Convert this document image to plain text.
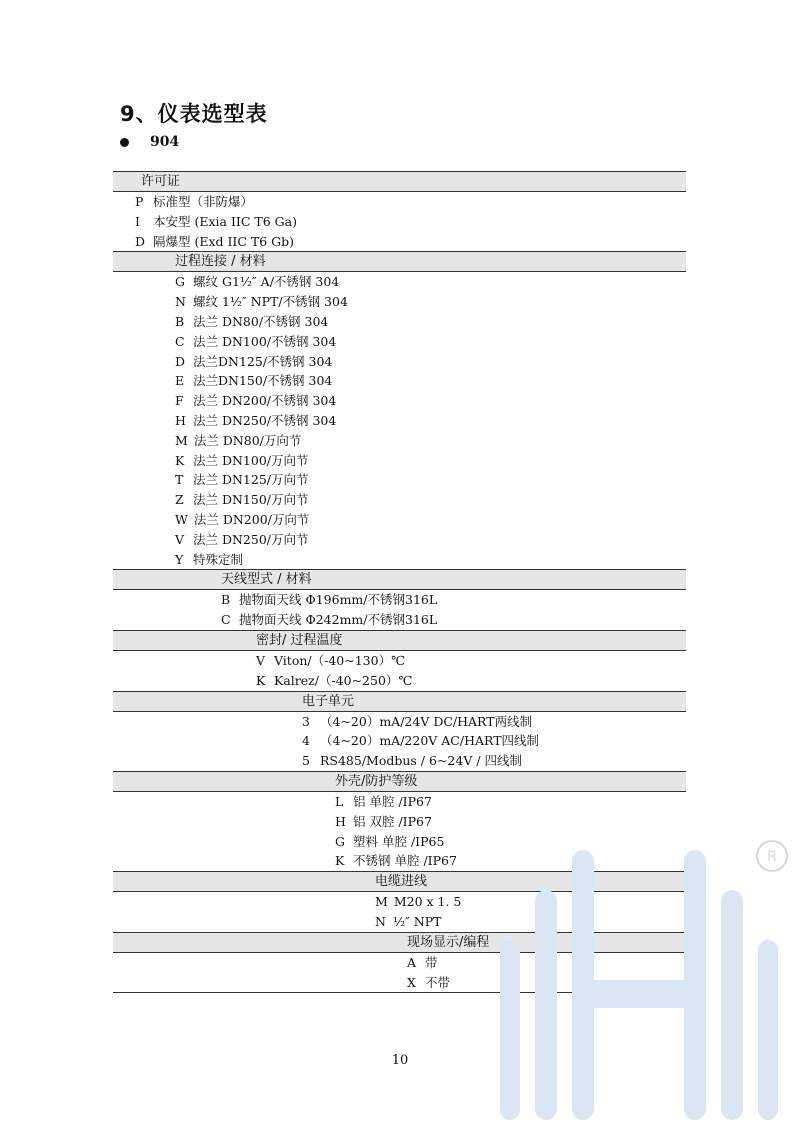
9、仪表选型表
904
许可证
P 标准型（非防爆）
I 本安型 (Exia IIC T6 Ga)
D 隔爆型 (Exd IIC T6 Gb)
过程连接 / 材料
G 螺纹 G1½″ A/不锈钢 304
N 螺纹 1½″ NPT/不锈钢 304
B 法兰 DN80/不锈钢 304
C 法兰 DN100/不锈钢 304
D 法兰DN125/不锈钢 304
E 法兰DN150/不锈钢 304
F 法兰 DN200/不锈钢 304
H 法兰 DN250/不锈钢 304
M 法兰 DN80/万向节
K 法兰 DN100/万向节
T 法兰 DN125/万向节
Z 法兰 DN150/万向节
W 法兰 DN200/万向节
V 法兰 DN250/万向节
Y 特殊定制
天线型式 / 材料
B 抛物面天线 Φ196mm/不锈钢316L
C 抛物面天线 Φ242mm/不锈钢316L
密封/ 过程温度
V Viton/（-40~130）℃
K Kalrez/（-40~250）℃
电子单元
3 （4~20）mA/24V DC/HART两线制
4 （4~20）mA/220V AC/HART四线制
5 RS485/Modbus / 6~24V / 四线制
外壳/防护等级
L 铝 单腔 /IP67
H 铝 双腔 /IP67
G 塑料 单腔 /IP65
K 不锈钢 单腔 /IP67
电缆进线
M M20 x 1. 5
N ½″ NPT
现场显示/编程
A 带
X 不带
10
R
